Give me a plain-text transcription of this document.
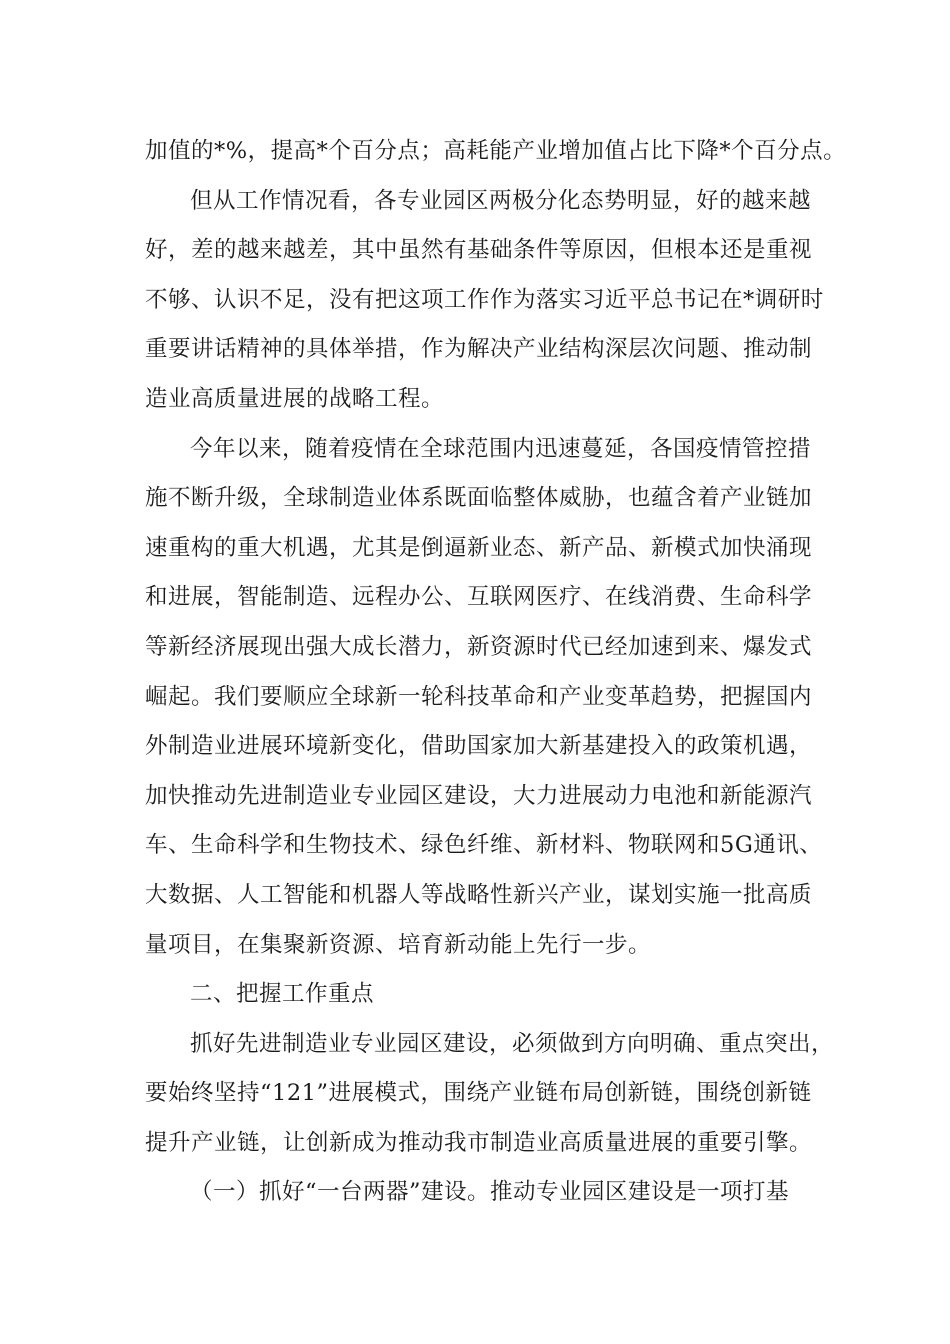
加值的*%，提高*个百分点；高耗能产业增加值占比下降*个百分点。
但从工作情况看，各专业园区两极分化态势明显，好的越来越
好，差的越来越差，其中虽然有基础条件等原因，但根本还是重视
不够、认识不足，没有把这项工作作为落实习近平总书记在*调研时
重要讲话精神的具体举措，作为解决产业结构深层次问题、推动制
造业高质量进展的战略工程。
今年以来，随着疫情在全球范围内迅速蔓延，各国疫情管控措
施不断升级，全球制造业体系既面临整体威胁，也蕴含着产业链加
速重构的重大机遇，尤其是倒逼新业态、新产品、新模式加快涌现
和进展，智能制造、远程办公、互联网医疗、在线消费、生命科学
等新经济展现出强大成长潜力，新资源时代已经加速到来、爆发式
崛起。我们要顺应全球新一轮科技革命和产业变革趋势，把握国内
外制造业进展环境新变化，借助国家加大新基建投入的政策机遇，
加快推动先进制造业专业园区建设，大力进展动力电池和新能源汽
车、生命科学和生物技术、绿色纤维、新材料、物联网和5G通讯、
大数据、人工智能和机器人等战略性新兴产业，谋划实施一批高质
量项目，在集聚新资源、培育新动能上先行一步。
二、把握工作重点
抓好先进制造业专业园区建设，必须做到方向明确、重点突出，
要始终坚持“121”进展模式，围绕产业链布局创新链，围绕创新链
提升产业链，让创新成为推动我市制造业高质量进展的重要引擎。
（一）抓好“一台两器”建设。推动专业园区建设是一项打基
